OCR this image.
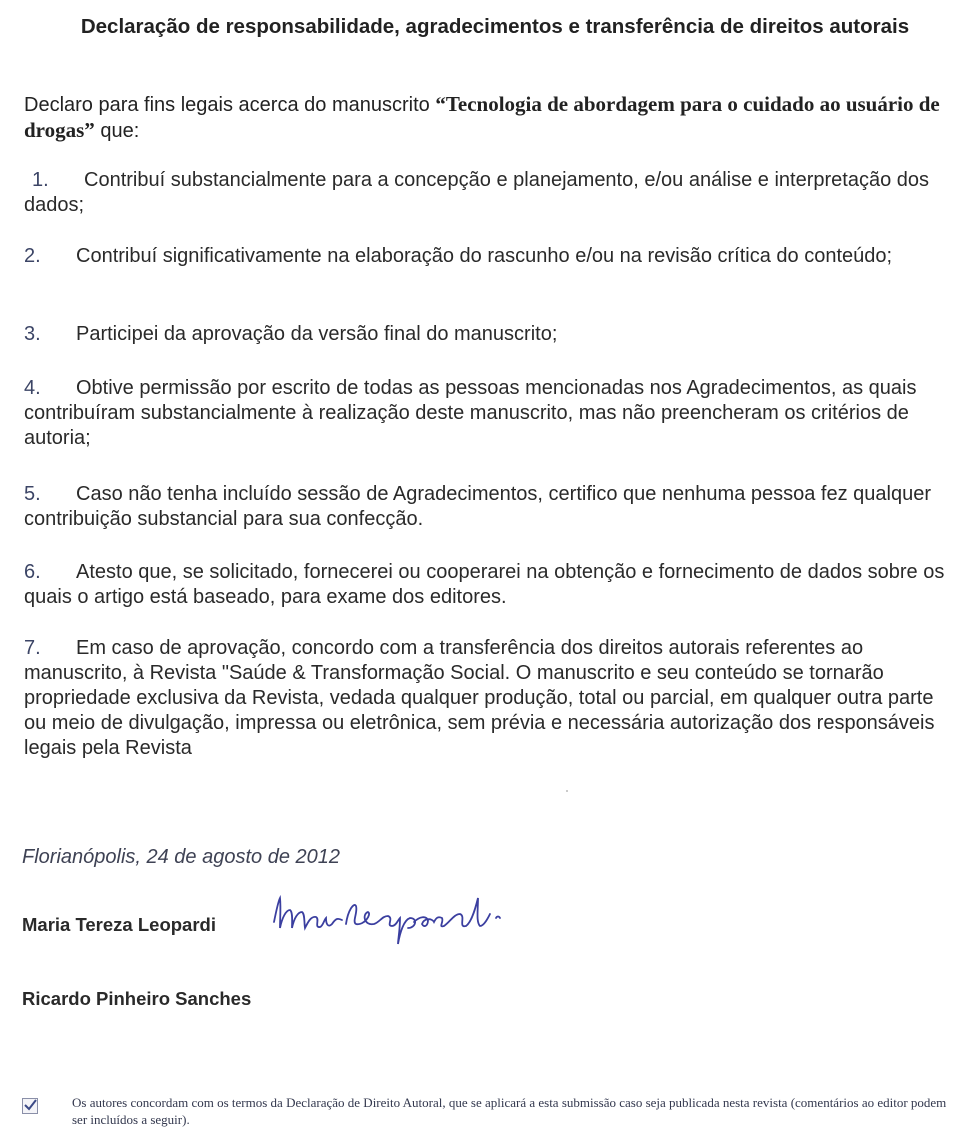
Declaração de responsabilidade, agradecimentos e transferência de direitos autorais
Declaro para fins legais acerca do manuscrito “Tecnologia de abordagem para o cuidado ao usuário de drogas” que:
1. Contribuí substancialmente para a concepção e planejamento, e/ou análise e interpretação dos dados;
2. Contribuí significativamente na elaboração do rascunho e/ou na revisão crítica do conteúdo;
3. Participei da aprovação da versão final do manuscrito;
4. Obtive permissão por escrito de todas as pessoas mencionadas nos Agradecimentos, as quais contribuíram substancialmente à realização deste manuscrito, mas não preencheram os critérios de autoria;
5. Caso não tenha incluído sessão de Agradecimentos, certifico que nenhuma pessoa fez qualquer contribuição substancial para sua confecção.
6. Atesto que, se solicitado, fornecerei ou cooperarei na obtenção e fornecimento de dados sobre os quais o artigo está baseado, para exame dos editores.
7. Em caso de aprovação, concordo com a transferência dos direitos autorais referentes ao manuscrito, à Revista "Saúde & Transformação Social. O manuscrito e seu conteúdo se tornarão propriedade exclusiva da Revista, vedada qualquer produção, total ou parcial, em qualquer outra parte ou meio de divulgação, impressa ou eletrônica, sem prévia e necessária autorização dos responsáveis legais pela Revista
Florianópolis, 24 de agosto de 2012
Maria Tereza Leopardi
Ricardo Pinheiro Sanches
Os autores concordam com os termos da Declaração de Direito Autoral, que se aplicará a esta submissão caso seja publicada nesta revista (comentários ao editor podem ser incluídos a seguir).
